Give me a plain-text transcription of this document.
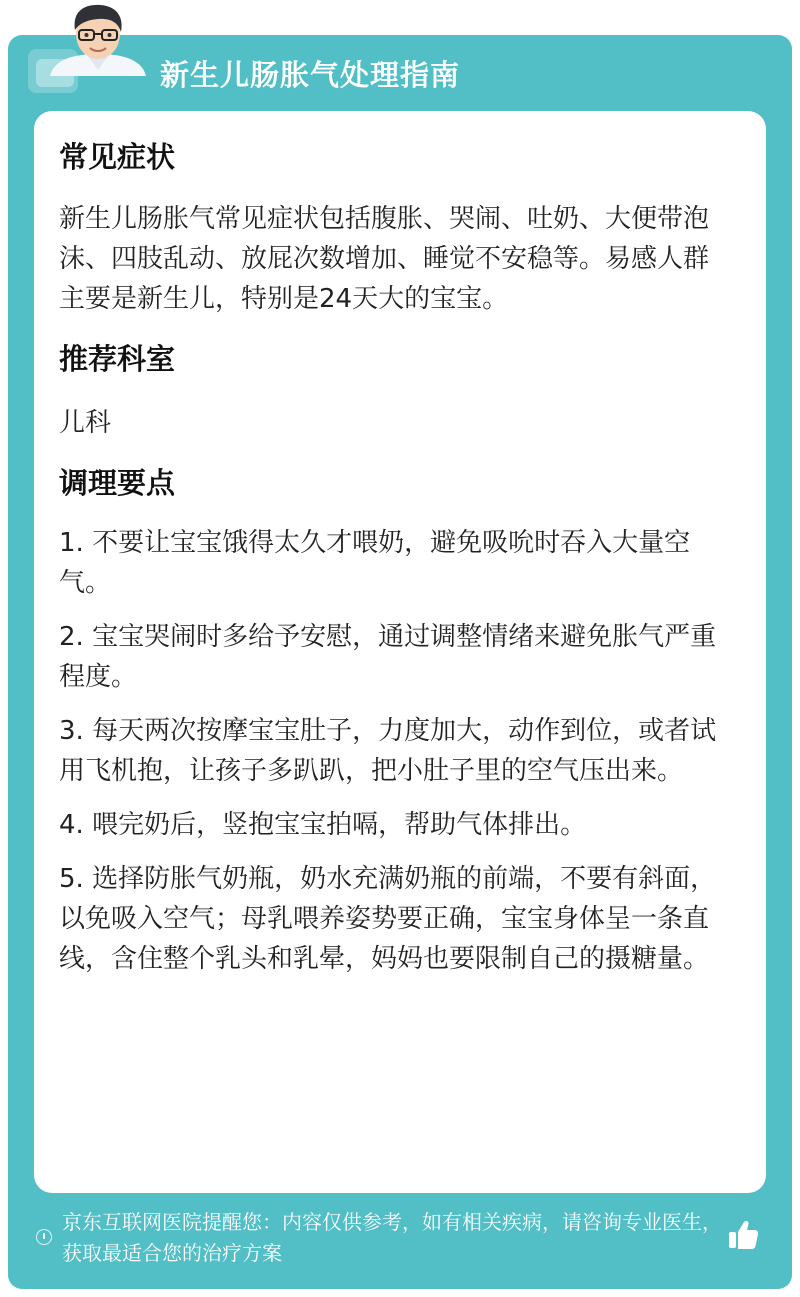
新生儿肠胀气处理指南
常见症状

新生儿肠胀气常见症状包括腹胀、哭闹、吐奶、大便带泡沫、四肢乱动、放屁次数增加、睡觉不安稳等。易感人群主要是新生儿，特别是24天大的宝宝。

推荐科室

儿科

调理要点

1. 不要让宝宝饿得太久才喂奶，避免吸吮时吞入大量空气。

2. 宝宝哭闹时多给予安慰，通过调整情绪来避免胀气严重程度。

3. 每天两次按摩宝宝肚子，力度加大，动作到位，或者试用飞机抱，让孩子多趴趴，把小肚子里的空气压出来。

4. 喂完奶后，竖抱宝宝拍嗝，帮助气体排出。

5. 选择防胀气奶瓶，奶水充满奶瓶的前端，不要有斜面，以免吸入空气；母乳喂养姿势要正确，宝宝身体呈一条直线，含住整个乳头和乳晕，妈妈也要限制自己的摄糖量。

京东互联网医院提醒您：内容仅供参考，如有相关疾病，请咨询专业医生，获取最适合您的治疗方案
